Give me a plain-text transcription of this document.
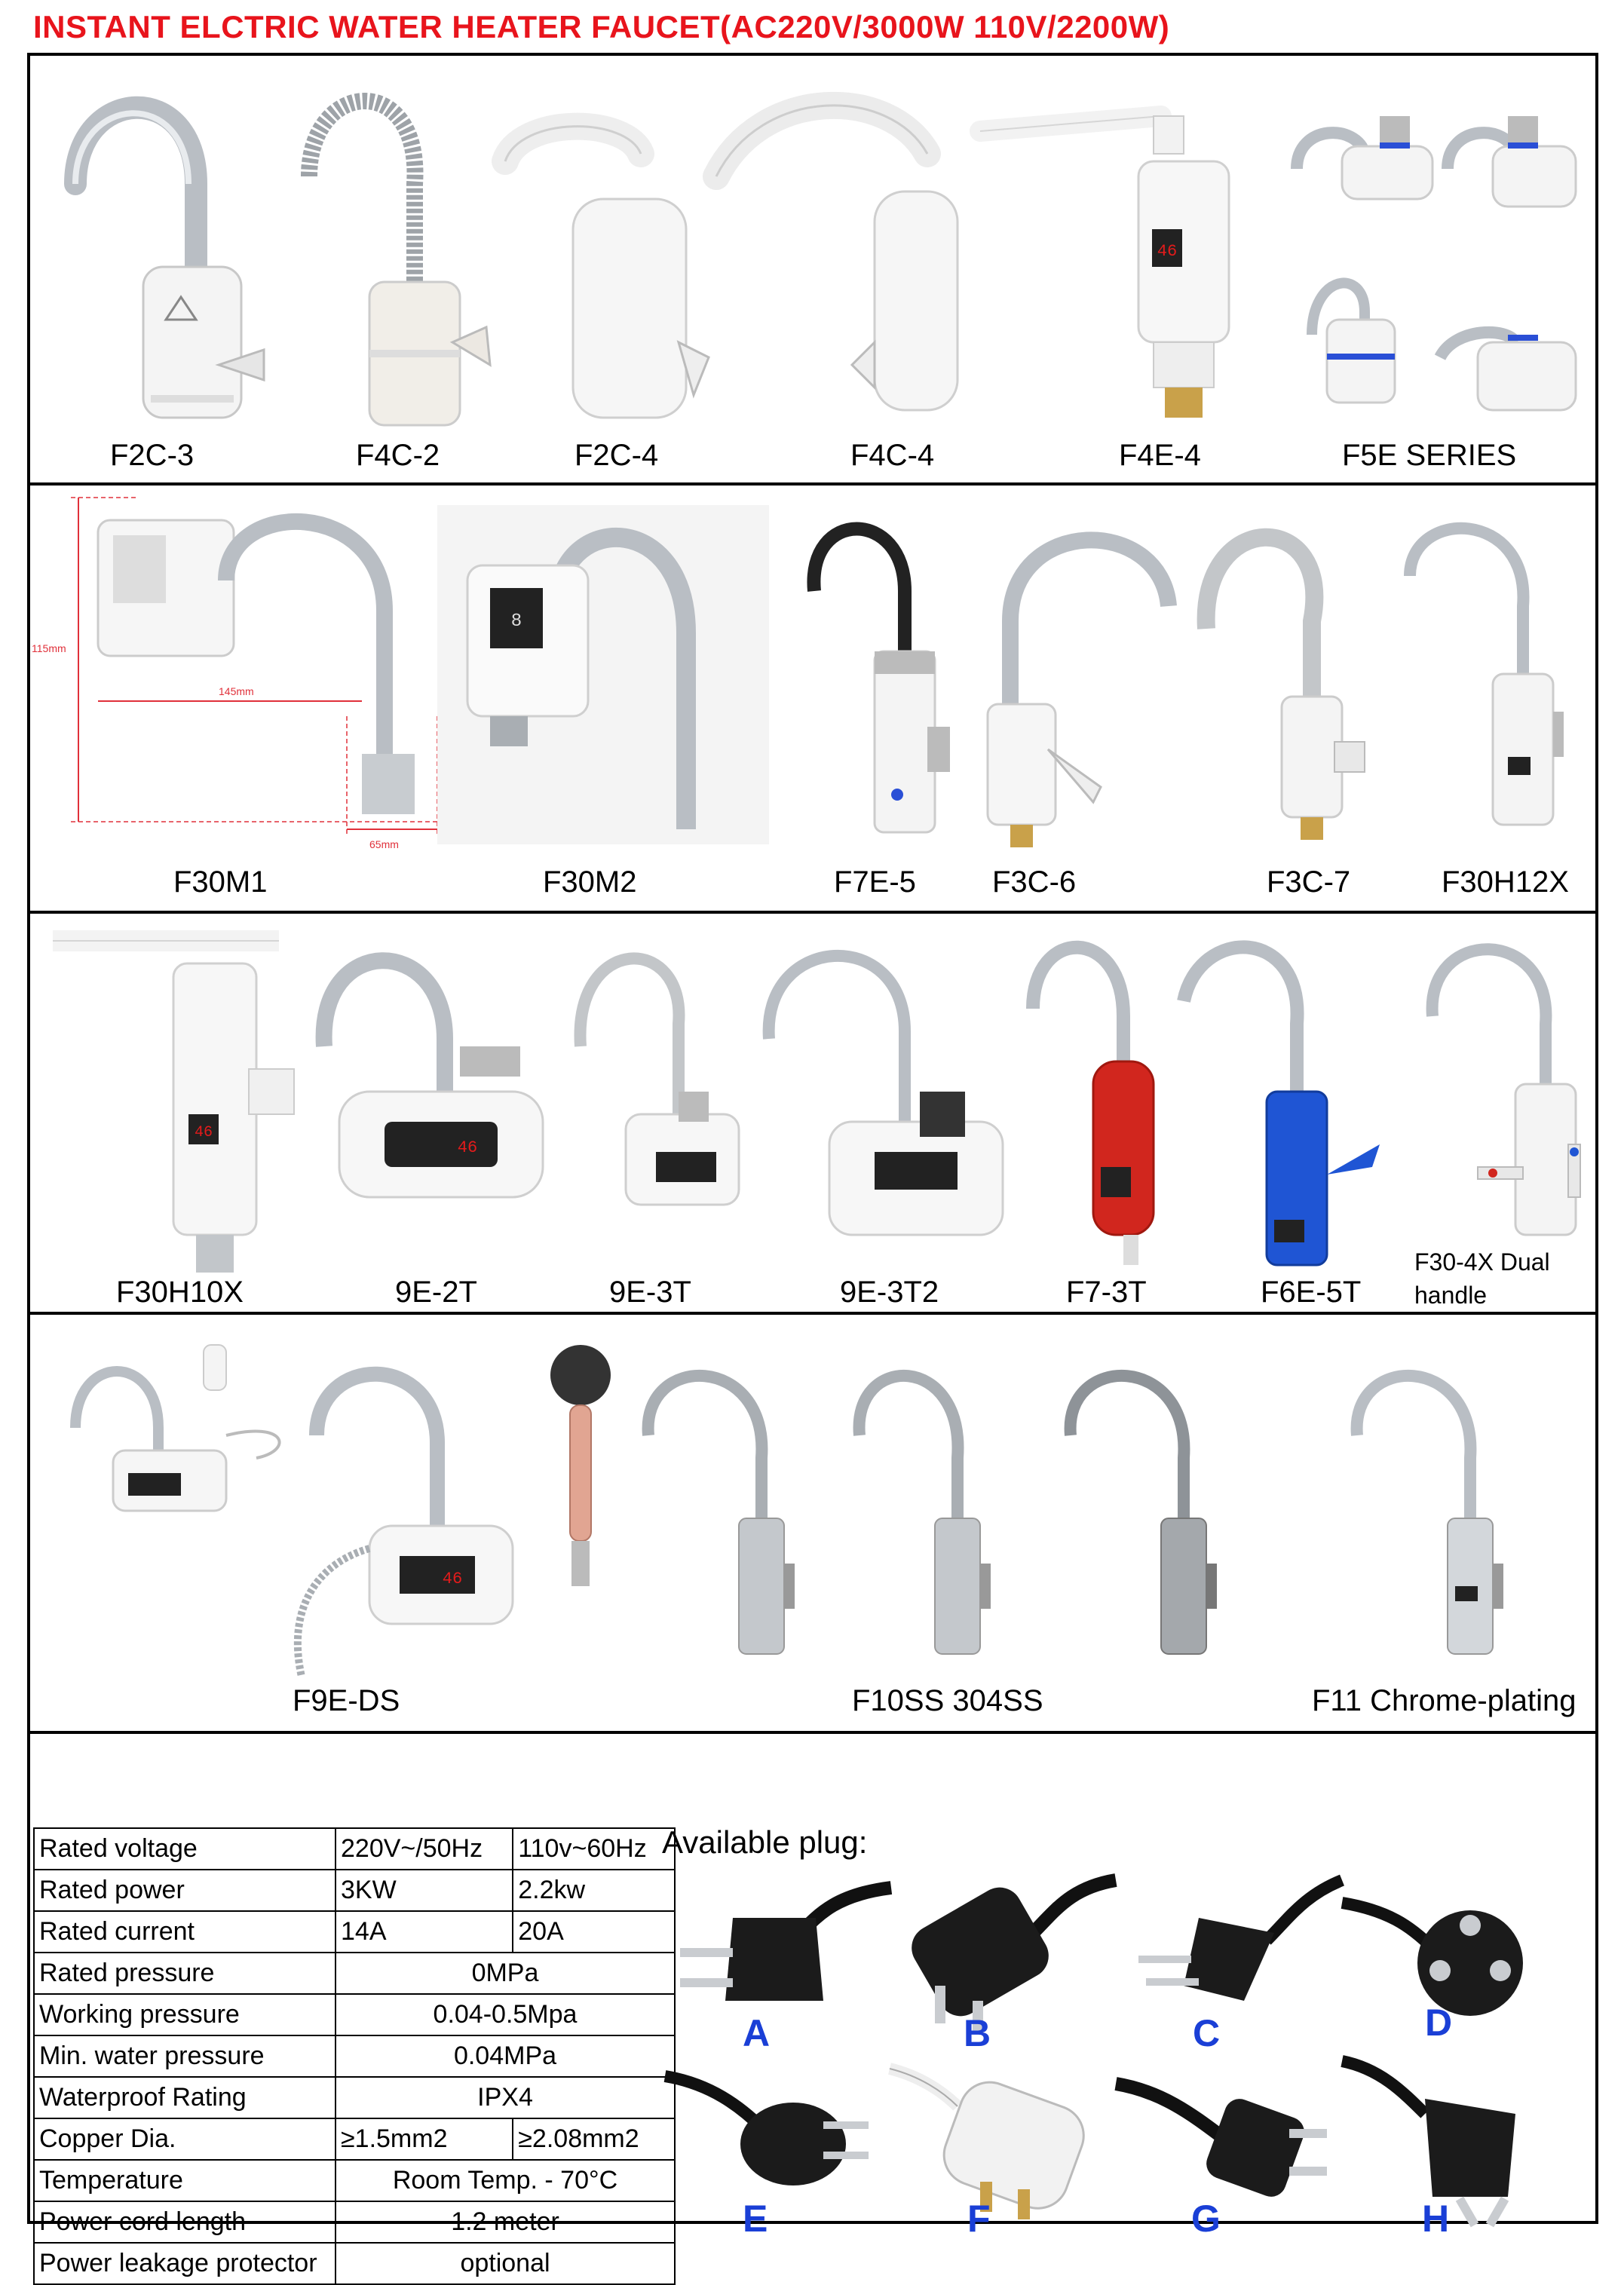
INSTANT ELCTRIC WATER HEATER FAUCET(AC220V/3000W 110V/2200W)
F2C-3	F4C-2	F2C-4	F4C-4
46
F4E-4	F5E SERIES
115mm
145mm
65mm
F30M1
8
F30M2	F7E-5	F3C-6	F3C-7	F30H12X
46
F30H10X
46
9E-2T	9E-3T	9E-3T2	F7-3T	F6E-5T
F30-4X Dual handle
46
F9E-DS	F10SS 304SS	F11 Chrome-plating
Rated voltage	220V~/50Hz	110v~60Hz
Rated power	3KW	2.2kw
Rated current	14A	20A
Rated pressure	0MPa	
Working pressure	0.04-0.5Mpa	
Min. water pressure	0.04MPa	
Waterproof Rating	IPX4	
Copper Dia.	≥1.5mm2	≥2.08mm2
Temperature	Room Temp. - 70°C	
Power cord length	1.2 meter	
Power leakage protector	optional	
Available plug:
A	B	C	D
E	F	G	H
